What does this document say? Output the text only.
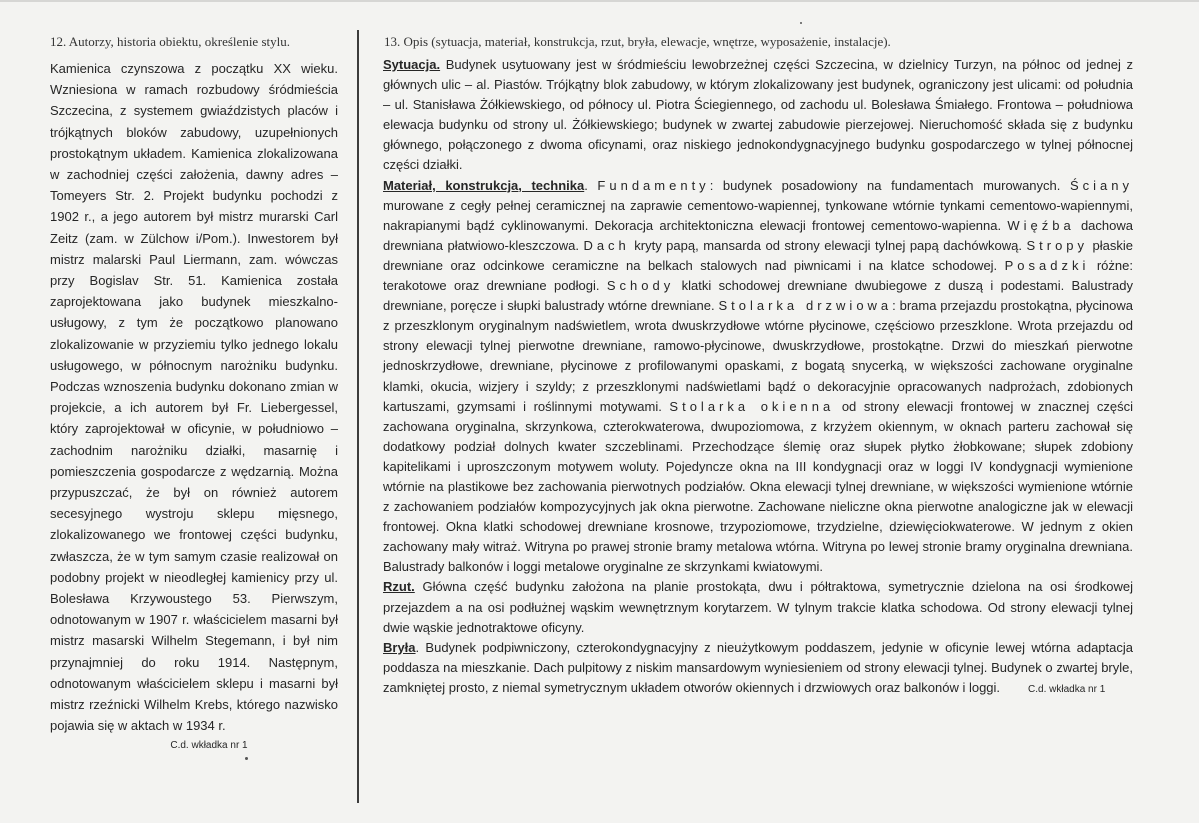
12. Autorzy, historia obiektu, określenie stylu.	13. Opis (sytuacja, materiał, konstrukcja, rzut, bryła, elewacje, wnętrze, wyposażenie, instalacje).

Kamienica czynszowa z początku XX wieku. Wzniesiona w ramach rozbudowy śródmieścia Szczecina, z systemem gwiaździstych placów i trójkątnych bloków zabudowy, uzupełnionych prostokątnym układem. Kamienica zlokalizowana w zachodniej części założenia, dawny adres – Tomeyers Str. 2. Projekt budynku pochodzi z 1902 r., a jego autorem był mistrz murarski Carl Zeitz (zam. w Zülchow i/Pom.). Inwestorem był mistrz malarski Paul Liermann, zam. wówczas przy Bogislav Str. 51. Kamienica została zaprojektowana jako budynek mieszkalno-usługowy, z tym że początkowo planowano zlokalizowanie w przyziemiu tylko jednego lokalu usługowego, w północnym narożniku budynku. Podczas wznoszenia budynku dokonano zmian w projekcie, a ich autorem był Fr. Liebergessel, który zaprojektował w oficynie, w południowo – zachodnim narożniku działki, masarnię i pomieszczenia gospodarcze z wędzarnią. Można przypuszczać, że był on również autorem secesyjnego wystroju sklepu mięsnego, zlokalizowanego we frontowej części budynku, zwłaszcza, że w tym samym czasie realizował on podobny projekt w nieodległej kamienicy przy ul. Bolesława Krzywoustego 53. Pierwszym, odnotowanym w 1907 r. właścicielem masarni był mistrz masarski Wilhelm Stegemann, i był nim przynajmniej do roku 1914. Następnym, odnotowanym właścicielem sklepu i masarni był mistrz rzeźnicki Wilhelm Krebs, którego nazwisko pojawia się w aktach w 1934 r.

C.d. wkładka nr 1

Sytuacja. Budynek usytuowany jest w śródmieściu lewobrzeżnej części Szczecina, w dzielnicy Turzyn, na północ od jednej z głównych ulic – al. Piastów. Trójkątny blok zabudowy, w którym zlokalizowany jest budynek, ograniczony jest ulicami: od południa – ul. Stanisława Żółkiewskiego, od północy ul. Piotra Ściegiennego, od zachodu ul. Bolesława Śmiałego. Frontowa – południowa elewacja budynku od strony ul. Żółkiewskiego; budynek w zwartej zabudowie pierzejowej. Nieruchomość składa się z budynku głównego, połączonego z dwoma oficynami, oraz niskiego jednokondygnacyjnego budynku gospodarczego w tylnej północnej części działki.

Materiał, konstrukcja, technika. Fundamenty: budynek posadowiony na fundamentach murowanych. Ściany murowane z cegły pełnej ceramicznej na zaprawie cementowo-wapiennej, tynkowane wtórnie tynkami cementowo-wapiennymi, nakrapianymi bądź cyklinowanymi. Dekoracja architektoniczna elewacji frontowej cementowo-wapienna. Więźba dachowa drewniana płatwiowo-kleszczowa. Dach kryty papą, mansarda od strony elewacji tylnej papą dachówkową. Stropy płaskie drewniane oraz odcinkowe ceramiczne na belkach stalowych nad piwnicami i na klatce schodowej. Posadzki różne: terakotowe oraz drewniane podłogi. Schody klatki schodowej drewniane dwubiegowe z duszą i podestami. Balustrady drewniane, poręcze i słupki balustrady wtórne drewniane. Stolarka drzwiowa: brama przejazdu prostokątna, płycinowa z przeszklonym oryginalnym nadświetlem, wrota dwuskrzydłowe wtórne płycinowe, częściowo przeszklone. Wrota przejazdu od strony elewacji tylnej pierwotne drewniane, ramowo-płycinowe, dwuskrzydłowe, prostokątne. Drzwi do mieszkań pierwotne jednoskrzydłowe, drewniane, płycinowe z profilowanymi opaskami, z bogatą snycerką, w większości zachowane oryginalne klamki, okucia, wizjery i szyldy; z przeszklonymi nadświetlami bądź o dekoracyjnie opracowanych nadprożach, zdobionych kartuszami, gzymsami i roślinnymi motywami. Stolarka okienna od strony elewacji frontowej w znacznej części zachowana oryginalna, skrzynkowa, czterokwaterowa, dwupoziomowa, z krzyżem okiennym, w oknach parteru zachował się dodatkowy podział dolnych kwater szczeblinami. Przechodzące ślemię oraz słupek płytko żłobkowane; słupek zdobiony kapitelikami i uproszczonym motywem woluty. Pojedyncze okna na III kondygnacji oraz w loggi IV kondygnacji wymienione wtórnie na plastikowe bez zachowania pierwotnych podziałów. Okna elewacji tylnej drewniane, w większości wymienione wtórnie z zachowaniem podziałów kompozycyjnych jak okna pierwotne. Zachowane nieliczne okna pierwotne analogiczne jak w elewacji frontowej. Okna klatki schodowej drewniane krosnowe, trzypoziomowe, trzydzielne, dziewięciokwaterowe. W jednym z okien zachowany mały witraż. Witryna po prawej stronie bramy metalowa wtórna. Witryna po lewej stronie bramy oryginalna drewniana. Balustrady balkonów i loggi metalowe oryginalne ze skrzynkami kwiatowymi.

Rzut. Główna część budynku założona na planie prostokąta, dwu i półtraktowa, symetrycznie dzielona na osi środkowej przejazdem a na osi podłużnej wąskim wewnętrznym korytarzem. W tylnym trakcie klatka schodowa. Od strony elewacji tylnej dwie wąskie jednotraktowe oficyny.

Bryła. Budynek podpiwniczony, czterokondygnacyjny z nieużytkowym poddaszem, jedynie w oficynie lewej wtórna adaptacja poddasza na mieszkanie. Dach pulpitowy z niskim mansardowym wyniesieniem od strony elewacji tylnej. Budynek o zwartej bryle, zamkniętej prosto, z niemal symetrycznym układem otworów okiennych i drzwiowych oraz balkonów i loggi.	C.d. wkładka nr 1
